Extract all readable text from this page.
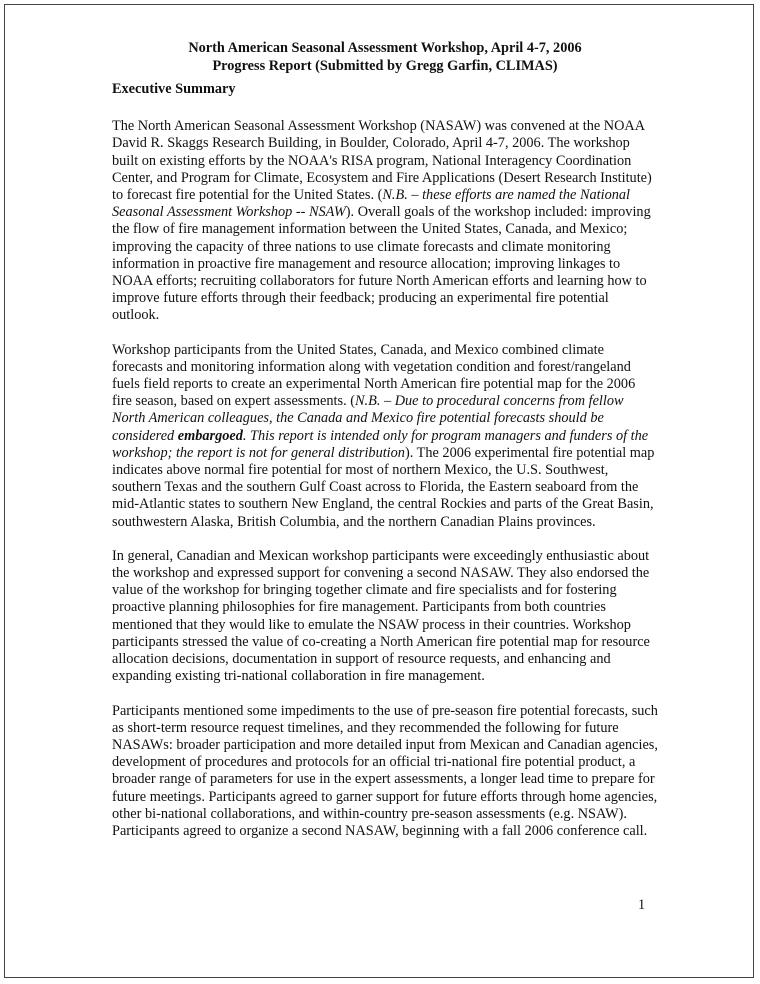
North American Seasonal Assessment Workshop, April 4-7, 2006

Progress Report (Submitted by Gregg Garfin, CLIMAS)

Executive Summary

The North American Seasonal Assessment Workshop (NASAW) was convened at the NOAA David R. Skaggs Research Building, in Boulder, Colorado, April 4-7, 2006. The workshop built on existing efforts by the NOAA's RISA program, National Interagency Coordination Center, and Program for Climate, Ecosystem and Fire Applications (Desert Research Institute) to forecast fire potential for the United States. (N.B. – these efforts are named the National Seasonal Assessment Workshop -- NSAW). Overall goals of the workshop included: improving the flow of fire management information between the United States, Canada, and Mexico; improving the capacity of three nations to use climate forecasts and climate monitoring information in proactive fire management and resource allocation; improving linkages to NOAA efforts; recruiting collaborators for future North American efforts and learning how to improve future efforts through their feedback; producing an experimental fire potential outlook.

Workshop participants from the United States, Canada, and Mexico combined climate forecasts and monitoring information along with vegetation condition and forest/rangeland fuels field reports to create an experimental North American fire potential map for the 2006 fire season, based on expert assessments. (N.B. – Due to procedural concerns from fellow North American colleagues, the Canada and Mexico fire potential forecasts should be considered embargoed. This report is intended only for program managers and funders of the workshop; the report is not for general distribution). The 2006 experimental fire potential map indicates above normal fire potential for most of northern Mexico, the U.S. Southwest, southern Texas and the southern Gulf Coast across to Florida, the Eastern seaboard from the mid-Atlantic states to southern New England, the central Rockies and parts of the Great Basin, southwestern Alaska, British Columbia, and the northern Canadian Plains provinces.

In general, Canadian and Mexican workshop participants were exceedingly enthusiastic about the workshop and expressed support for convening a second NASAW. They also endorsed the value of the workshop for bringing together climate and fire specialists and for fostering proactive planning philosophies for fire management. Participants from both countries mentioned that they would like to emulate the NSAW process in their countries. Workshop participants stressed the value of co-creating a North American fire potential map for resource allocation decisions, documentation in support of resource requests, and enhancing and expanding existing tri-national collaboration in fire management.

Participants mentioned some impediments to the use of pre-season fire potential forecasts, such as short-term resource request timelines, and they recommended the following for future NASAWs: broader participation and more detailed input from Mexican and Canadian agencies, development of procedures and protocols for an official tri-national fire potential product, a broader range of parameters for use in the expert assessments, a longer lead time to prepare for future meetings. Participants agreed to garner support for future efforts through home agencies, other bi-national collaborations, and within-country pre-season assessments (e.g. NSAW). Participants agreed to organize a second NASAW, beginning with a fall 2006 conference call.

1
